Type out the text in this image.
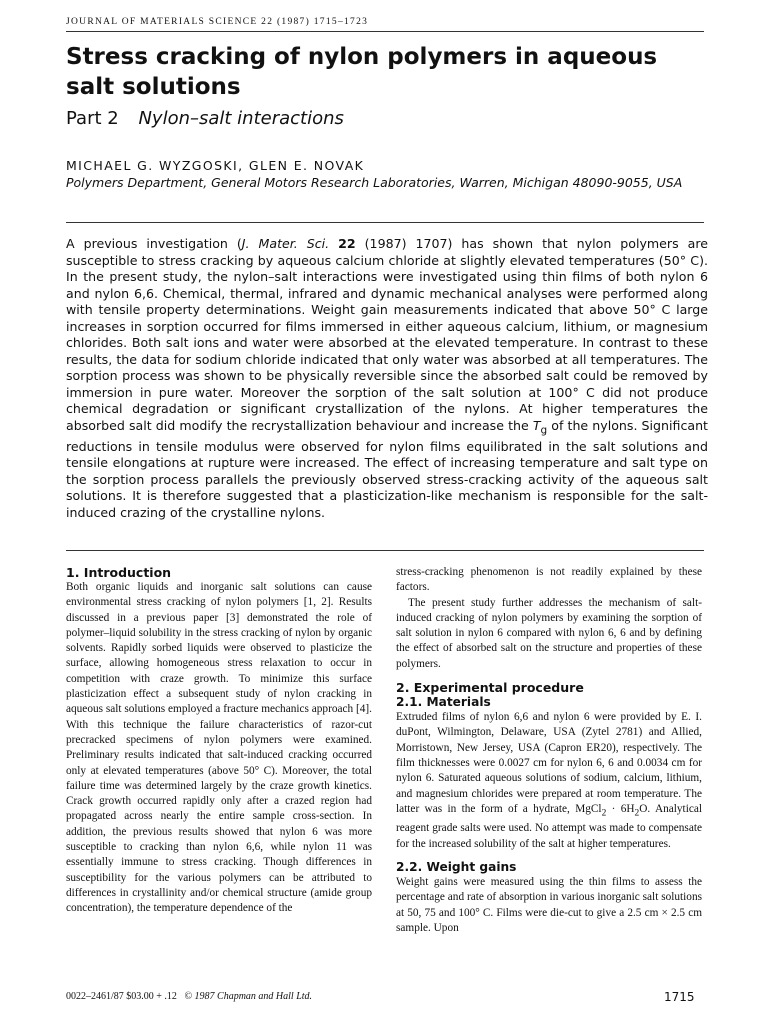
JOURNAL OF MATERIALS SCIENCE 22 (1987) 1715–1723
Stress cracking of nylon polymers in aqueous salt solutions
Part 2 Nylon–salt interactions
MICHAEL G. WYZGOSKI, GLEN E. NOVAK
Polymers Department, General Motors Research Laboratories, Warren, Michigan 48090-9055, USA

A previous investigation (J. Mater. Sci. 22 (1987) 1707) has shown that nylon polymers are susceptible to stress cracking by aqueous calcium chloride at slightly elevated temperatures (50° C). In the present study, the nylon–salt interactions were investigated using thin films of both nylon 6 and nylon 6,6. Chemical, thermal, infrared and dynamic mechanical analyses were performed along with tensile property determinations. Weight gain measurements indicated that above 50° C large increases in sorption occurred for films immersed in either aqueous calcium, lithium, or magnesium chlorides. Both salt ions and water were absorbed at the elevated temperature. In contrast to these results, the data for sodium chloride indicated that only water was absorbed at all temperatures. The sorption process was shown to be physically reversible since the absorbed salt could be removed by immersion in pure water. Moreover the sorption of the salt solution at 100° C did not produce chemical degradation or significant crystallization of the nylons. At higher temperatures the absorbed salt did modify the recrystallization behaviour and increase the $T_g$ of the nylons. Significant reductions in tensile modulus were observed for nylon films equilibrated in the salt solutions and tensile elongations at rupture were increased. The effect of increasing temperature and salt type on the sorption process parallels the previously observed stress-cracking activity of the aqueous salt solutions. It is therefore suggested that a plasticization-like mechanism is responsible for the salt-induced crazing of the crystalline nylons.

1. Introduction

Both organic liquids and inorganic salt solutions can cause environmental stress cracking of nylon polymers [1, 2]. Results discussed in a previous paper [3] demonstrated the role of polymer–liquid solubility in the stress cracking of nylon by organic solvents. Rapidly sorbed liquids were observed to plasticize the surface, allowing homogeneous stress relaxation to occur in competition with craze growth. To minimize this surface plasticization effect a subsequent study of nylon cracking in aqueous salt solutions employed a fracture mechanics approach [4]. With this technique the failure characteristics of razor-cut precracked specimens of nylon polymers were examined. Preliminary results indicated that salt-induced cracking occurred only at elevated temperatures (above 50° C). Moreover, the total failure time was determined largely by the craze growth kinetics. Crack growth occurred rapidly only after a crazed region had propagated across nearly the entire sample cross-section. In addition, the previous results showed that nylon 6 was more susceptible to cracking than nylon 6,6, while nylon 11 was essentially immune to stress cracking. Though differences in susceptibility for the various polymers can be attributed to differences in crystallinity and/or chemical structure (amide group concentration), the temperature dependence of the

stress-cracking phenomenon is not readily explained by these factors.

The present study further addresses the mechanism of salt-induced cracking of nylon polymers by examining the sorption of salt solution in nylon 6 compared with nylon 6, 6 and by defining the effect of absorbed salt on the structure and properties of these polymers.

2. Experimental procedure
2.1. Materials

Extruded films of nylon 6,6 and nylon 6 were provided by E. I. duPont, Wilmington, Delaware, USA (Zytel 2781) and Allied, Morristown, New Jersey, USA (Capron ER20), respectively. The film thicknesses were 0.0027 cm for nylon 6, 6 and 0.0034 cm for nylon 6. Saturated aqueous solutions of sodium, calcium, lithium, and magnesium chlorides were prepared at room temperature. The latter was in the form of a hydrate, MgCl$_2$ · $6H_2O$. Analytical reagent grade salts were used. No attempt was made to compensate for the increased solubility of the salt at higher temperatures.

2.2. Weight gains

Weight gains were measured using the thin films to assess the percentage and rate of absorption in various inorganic salt solutions at 50, 75 and 100° C. Films were die-cut to give a 2.5 cm × 2.5 cm sample. Upon

0022–2461/87 $03.00 + .12 © 1987 Chapman and Hall Ltd.	1715
